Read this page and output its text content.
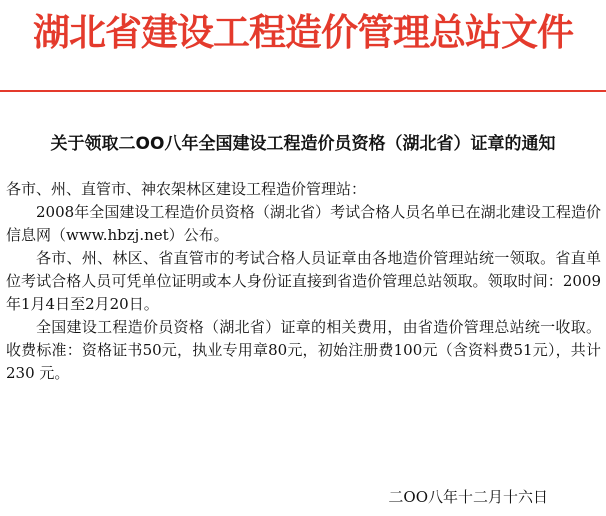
湖北省建设工程造价管理总站文件
关于领取二OO八年全国建设工程造价员资格（湖北省）证章的通知

各市、州、直管市、神农架林区建设工程造价管理站：

2008年全国建设工程造价员资格（湖北省）考试合格人员名单已在湖北建设工程造价信息网（www.hbzj.net）公布。

各市、州、林区、省直管市的考试合格人员证章由各地造价管理站统一领取。省直单位考试合格人员可凭单位证明或本人身份证直接到省造价管理总站领取。领取时间：2009年1月4日至2月20日。

全国建设工程造价员资格（湖北省）证章的相关费用，由省造价管理总站统一收取。收费标准：资格证书50元，执业专用章80元，初始注册费100元（含资料费51元），共计230 元。

二OO八年十二月十六日
